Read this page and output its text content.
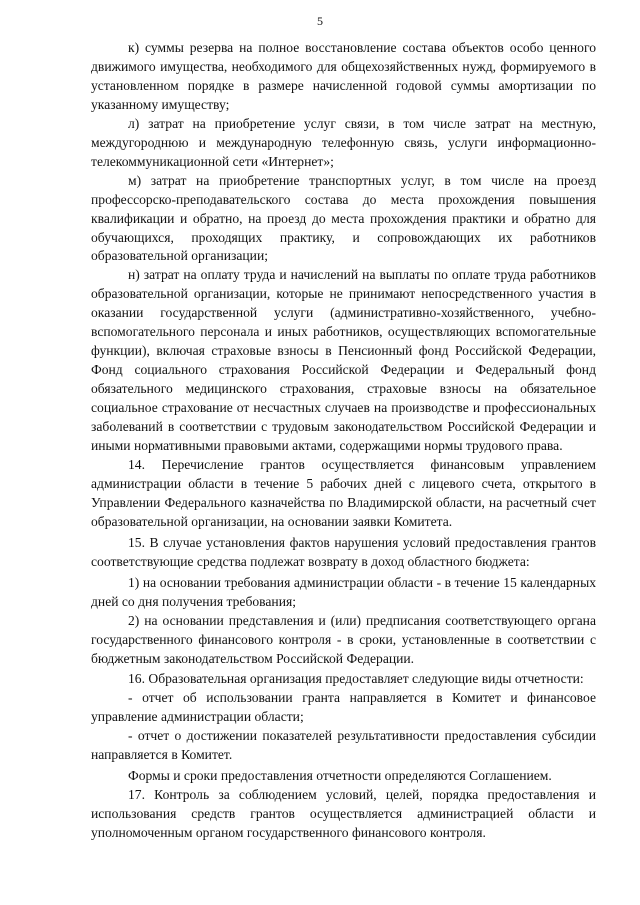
5

к) суммы резерва на полное восстановление состава объектов особо ценного движимого имущества, необходимого для общехозяйственных нужд, формируемого в установленном порядке в размере начисленной годовой суммы амортизации по указанному имуществу;

л) затрат на приобретение услуг связи, в том числе затрат на местную, междугороднюю и международную телефонную связь, услуги информационно-телекоммуникационной сети «Интернет»;

м) затрат на приобретение транспортных услуг, в том числе на проезд профессорско-преподавательского состава до места прохождения повышения квалификации и обратно, на проезд до места прохождения практики и обратно для обучающихся, проходящих практику, и сопровождающих их работников образовательной организации;

н) затрат на оплату труда и начислений на выплаты по оплате труда работников образовательной организации, которые не принимают непосредственного участия в оказании государственной услуги (административно-хозяйственного, учебно-вспомогательного персонала и иных работников, осуществляющих вспомогательные функции), включая страховые взносы в Пенсионный фонд Российской Федерации, Фонд социального страхования Российской Федерации и Федеральный фонд обязательного медицинского страхования, страховые взносы на обязательное социальное страхование от несчастных случаев на производстве и профессиональных заболеваний в соответствии с трудовым законодательством Российской Федерации и иными нормативными правовыми актами, содержащими нормы трудового права.

14. Перечисление грантов осуществляется финансовым управлением администрации области в течение 5 рабочих дней с лицевого счета, открытого в Управлении Федерального казначейства по Владимирской области, на расчетный счет образовательной организации, на основании заявки Комитета.

15. В случае установления фактов нарушения условий предоставления грантов соответствующие средства подлежат возврату в доход областного бюджета:

1) на основании требования администрации области - в течение 15 календарных дней со дня получения требования;

2) на основании представления и (или) предписания соответствующего органа государственного финансового контроля - в сроки, установленные в соответствии с бюджетным законодательством Российской Федерации.

16. Образовательная организация предоставляет следующие виды отчетности:

- отчет об использовании гранта направляется в Комитет и финансовое управление администрации области;

- отчет о достижении показателей результативности предоставления субсидии направляется в Комитет.

Формы и сроки предоставления отчетности определяются Соглашением.

17. Контроль за соблюдением условий, целей, порядка предоставления и использования средств грантов осуществляется администрацией области и уполномоченным органом государственного финансового контроля.
